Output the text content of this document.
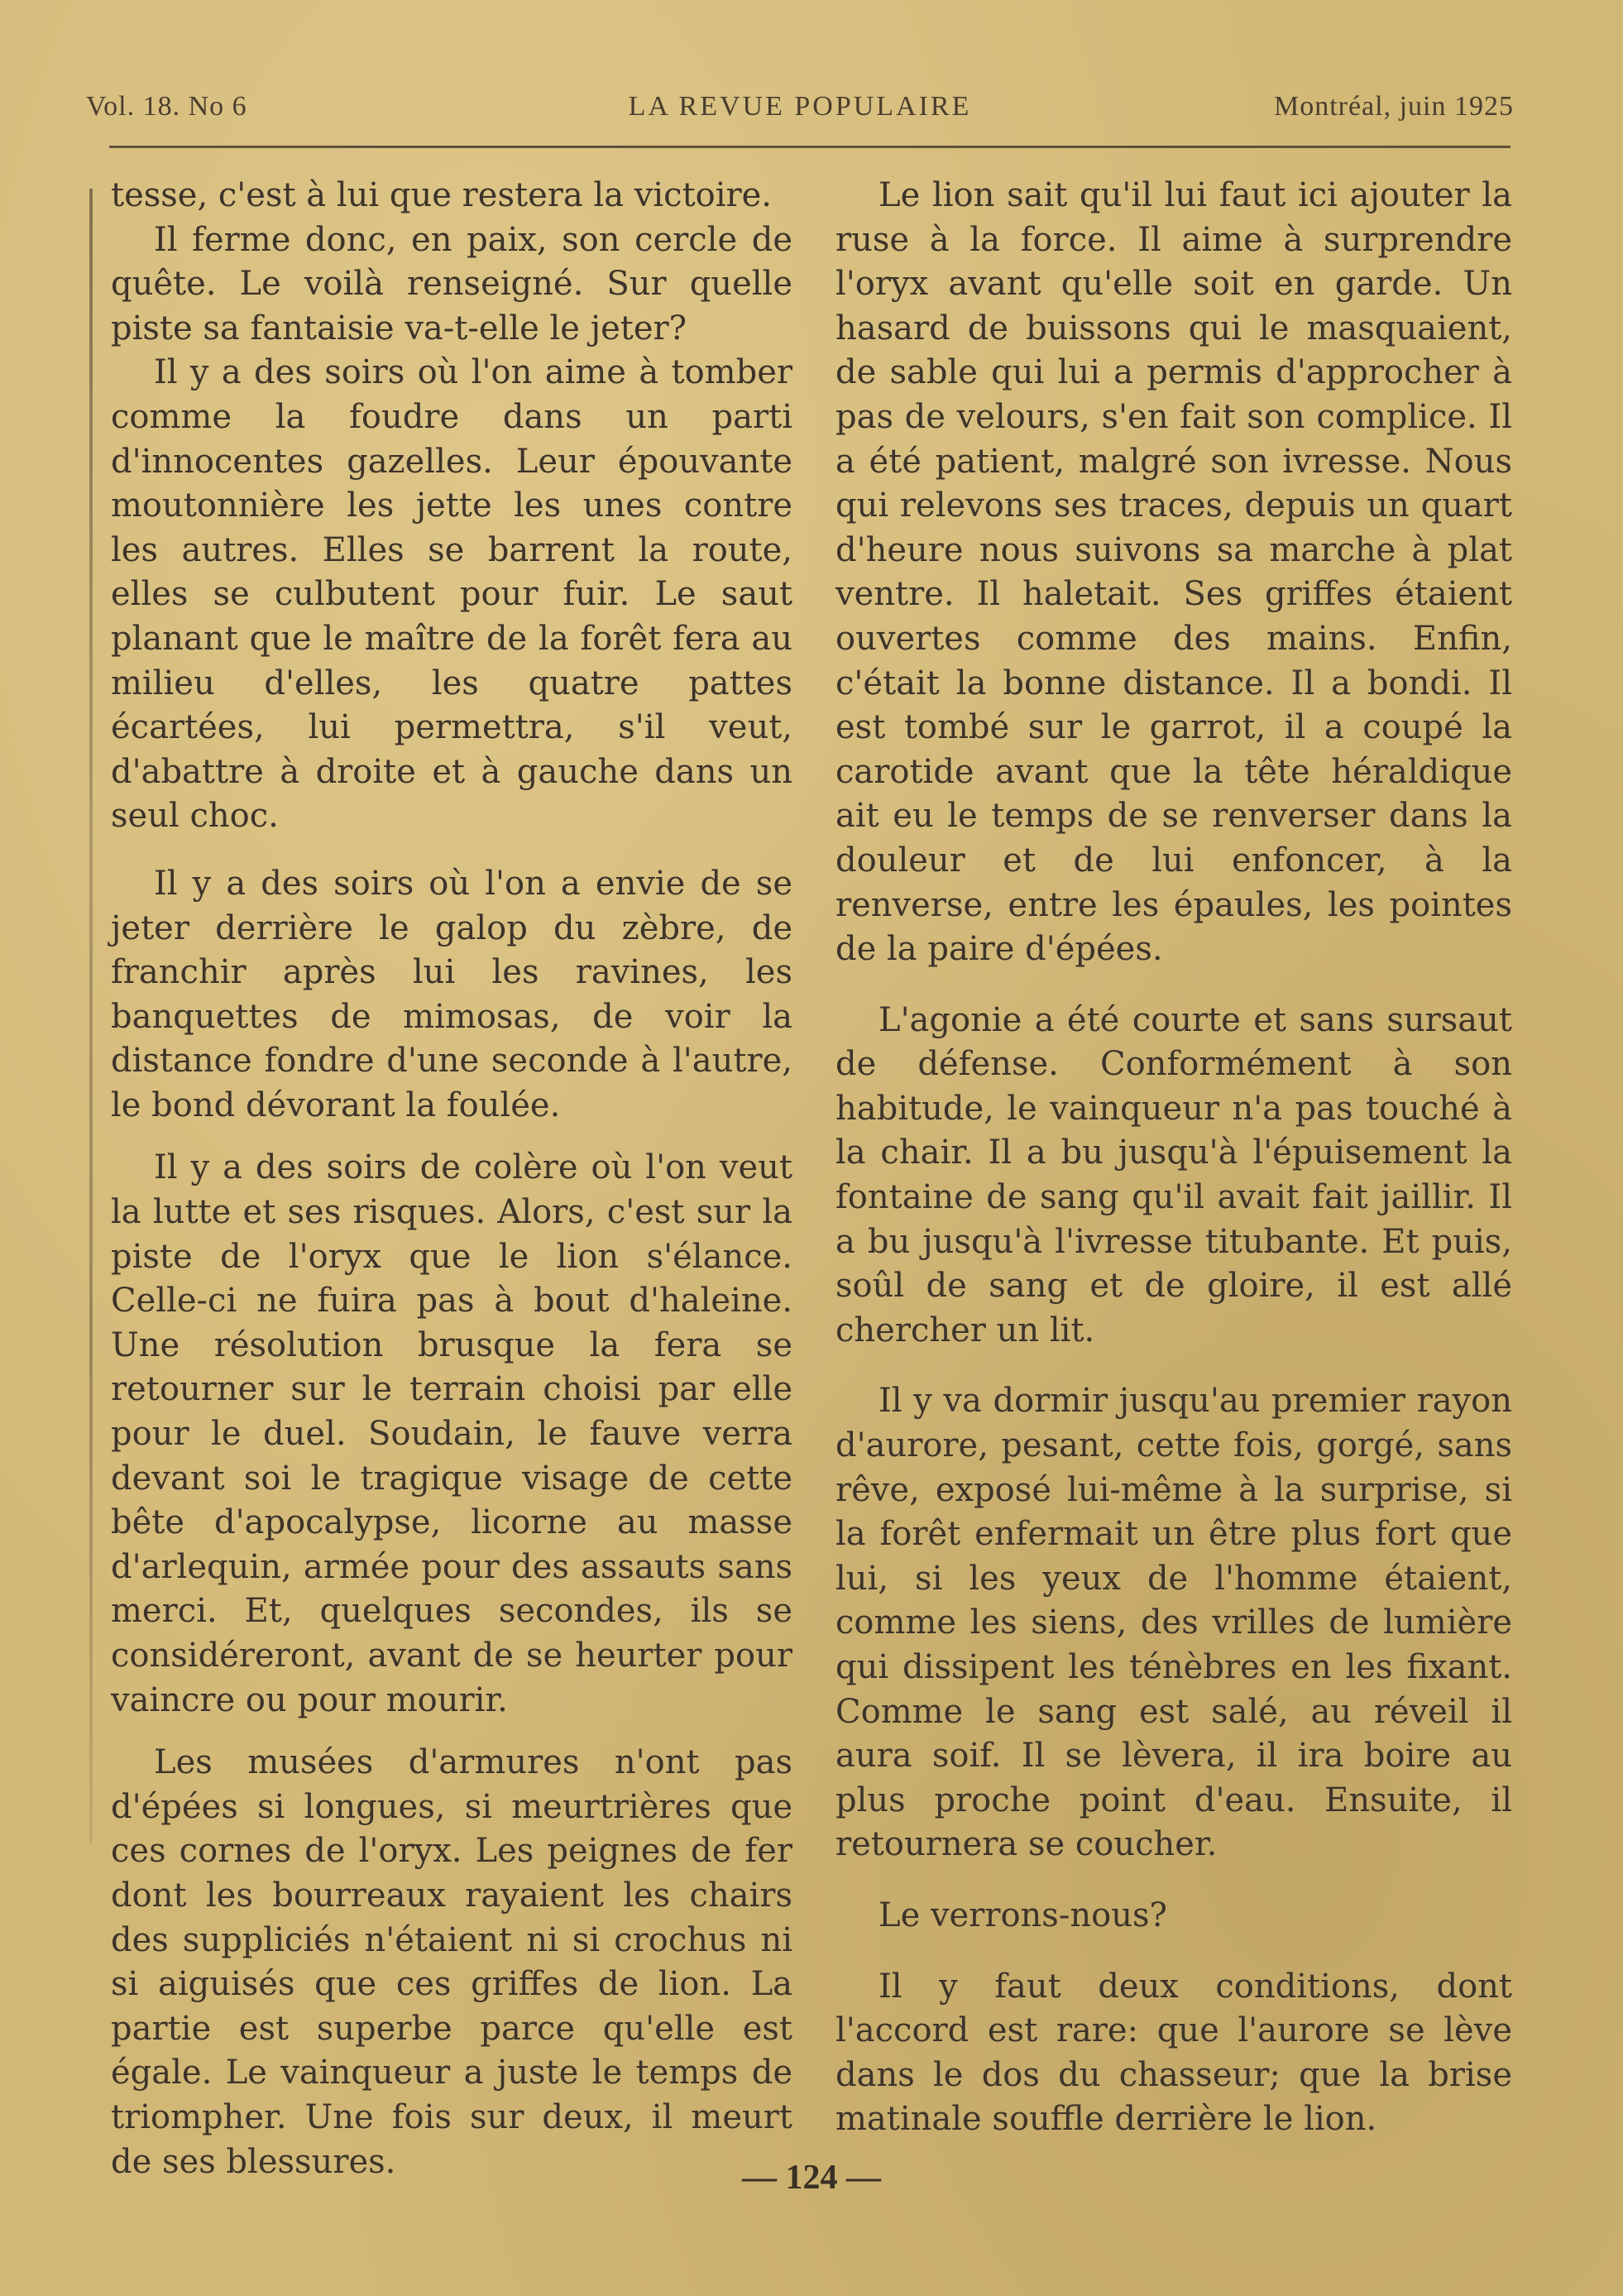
Vol. 18. No 6	LA REVUE POPULAIRE	Montréal, juin 1925

tesse, c'est à lui que restera la victoire.

Il ferme donc, en paix, son cercle de quête. Le voilà renseigné. Sur quelle piste sa fantaisie va-t-elle le jeter?

Il y a des soirs où l'on aime à tomber comme la foudre dans un parti d'innocentes gazelles. Leur épouvante moutonnière les jette les unes contre les autres. Elles se barrent la route, elles se culbutent pour fuir. Le saut planant que le maître de la forêt fera au milieu d'elles, les quatre pattes écartées, lui permettra, s'il veut, d'abattre à droite et à gauche dans un seul choc.

Il y a des soirs où l'on a envie de se jeter derrière le galop du zèbre, de franchir après lui les ravines, les banquettes de mimosas, de voir la distance fondre d'une seconde à l'autre, le bond dévorant la foulée.

Il y a des soirs de colère où l'on veut la lutte et ses risques. Alors, c'est sur la piste de l'oryx que le lion s'élance. Celle-ci ne fuira pas à bout d'haleine. Une résolution brusque la fera se retourner sur le terrain choisi par elle pour le duel. Soudain, le fauve verra devant soi le tragique visage de cette bête d'apocalypse, licorne au masse d'arlequin, armée pour des assauts sans merci. Et, quelques secondes, ils se considéreront, avant de se heurter pour vaincre ou pour mourir.

Les musées d'armures n'ont pas d'épées si longues, si meurtrières que ces cornes de l'oryx. Les peignes de fer dont les bourreaux rayaient les chairs des suppliciés n'étaient ni si crochus ni si aiguisés que ces griffes de lion. La partie est superbe parce qu'elle est égale. Le vainqueur a juste le temps de triompher. Une fois sur deux, il meurt de ses blessures.

Le lion sait qu'il lui faut ici ajouter la ruse à la force. Il aime à surprendre l'oryx avant qu'elle soit en garde. Un hasard de buissons qui le masquaient, de sable qui lui a permis d'approcher à pas de velours, s'en fait son complice. Il a été patient, malgré son ivresse. Nous qui relevons ses traces, depuis un quart d'heure nous suivons sa marche à plat ventre. Il haletait. Ses griffes étaient ouvertes comme des mains. Enfin, c'était la bonne distance. Il a bondi. Il est tombé sur le garrot, il a coupé la carotide avant que la tête héraldique ait eu le temps de se renverser dans la douleur et de lui enfoncer, à la renverse, entre les épaules, les pointes de la paire d'épées.

L'agonie a été courte et sans sursaut de défense. Conformément à son habitude, le vainqueur n'a pas touché à la chair. Il a bu jusqu'à l'épuisement la fontaine de sang qu'il avait fait jaillir. Il a bu jusqu'à l'ivresse titubante. Et puis, soûl de sang et de gloire, il est allé chercher un lit.

Il y va dormir jusqu'au premier rayon d'aurore, pesant, cette fois, gorgé, sans rêve, exposé lui-même à la surprise, si la forêt enfermait un être plus fort que lui, si les yeux de l'homme étaient, comme les siens, des vrilles de lumière qui dissipent les ténèbres en les fixant. Comme le sang est salé, au réveil il aura soif. Il se lèvera, il ira boire au plus proche point d'eau. Ensuite, il retournera se coucher.

Le verrons-nous?

Il y faut deux conditions, dont l'accord est rare: que l'aurore se lève dans le dos du chasseur; que la brise matinale souffle derrière le lion.

— 124 —
